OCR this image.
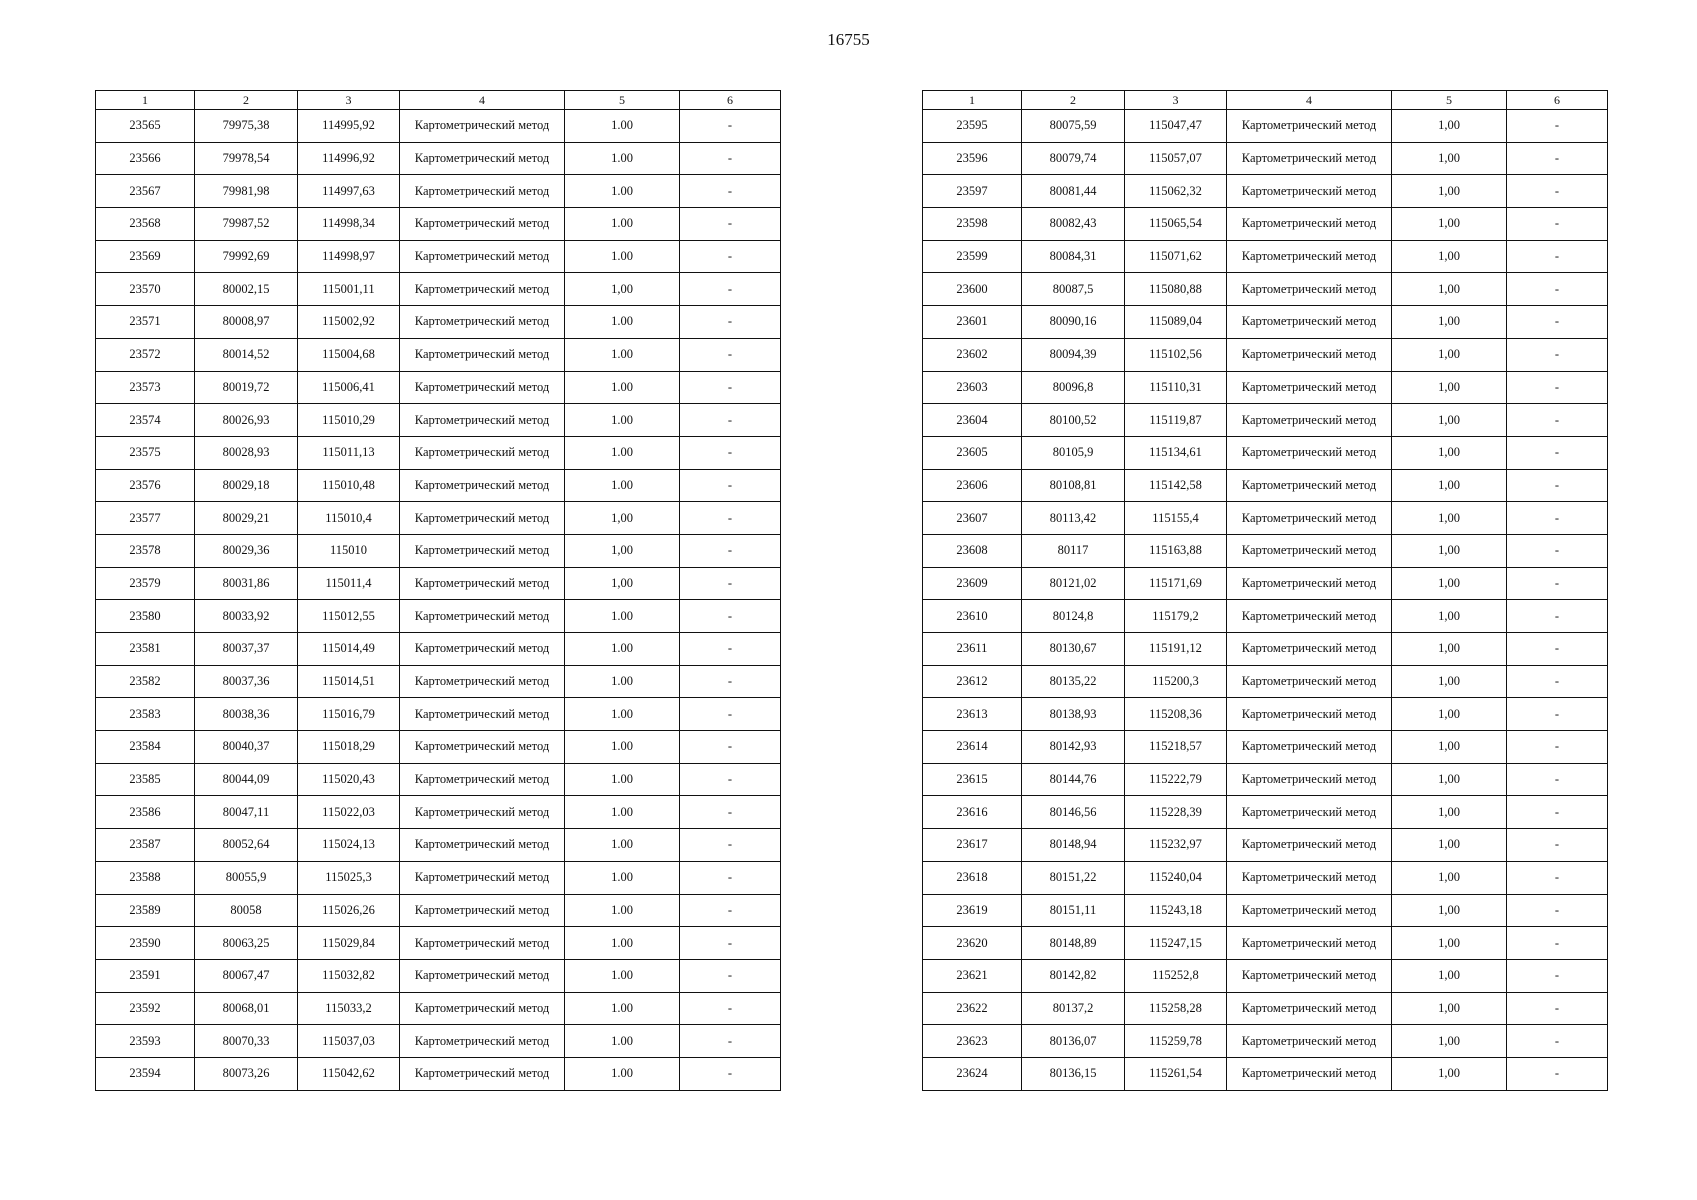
16755
1	2	3	4	5	6
23565	79975,38	114995,92	Картометрический метод	1.00	-
23566	79978,54	114996,92	Картометрический метод	1.00	-
23567	79981,98	114997,63	Картометрический метод	1.00	-
23568	79987,52	114998,34	Картометрический метод	1.00	-
23569	79992,69	114998,97	Картометрический метод	1.00	-
23570	80002,15	115001,11	Картометрический метод	1,00	-
23571	80008,97	115002,92	Картометрический метод	1.00	-
23572	80014,52	115004,68	Картометрический метод	1.00	-
23573	80019,72	115006,41	Картометрический метод	1.00	-
23574	80026,93	115010,29	Картометрический метод	1.00	-
23575	80028,93	115011,13	Картометрический метод	1.00	-
23576	80029,18	115010,48	Картометрический метод	1.00	-
23577	80029,21	115010,4	Картометрический метод	1,00	-
23578	80029,36	115010	Картометрический метод	1,00	-
23579	80031,86	115011,4	Картометрический метод	1,00	-
23580	80033,92	115012,55	Картометрический метод	1.00	-
23581	80037,37	115014,49	Картометрический метод	1.00	-
23582	80037,36	115014,51	Картометрический метод	1.00	-
23583	80038,36	115016,79	Картометрический метод	1.00	-
23584	80040,37	115018,29	Картометрический метод	1.00	-
23585	80044,09	115020,43	Картометрический метод	1.00	-
23586	80047,11	115022,03	Картометрический метод	1.00	-
23587	80052,64	115024,13	Картометрический метод	1.00	-
23588	80055,9	115025,3	Картометрический метод	1.00	-
23589	80058	115026,26	Картометрический метод	1.00	-
23590	80063,25	115029,84	Картометрический метод	1.00	-
23591	80067,47	115032,82	Картометрический метод	1.00	-
23592	80068,01	115033,2	Картометрический метод	1.00	-
23593	80070,33	115037,03	Картометрический метод	1.00	-
23594	80073,26	115042,62	Картометрический метод	1.00	-
1	2	3	4	5	6
23595	80075,59	115047,47	Картометрический метод	1,00	-
23596	80079,74	115057,07	Картометрический метод	1,00	-
23597	80081,44	115062,32	Картометрический метод	1,00	-
23598	80082,43	115065,54	Картометрический метод	1,00	-
23599	80084,31	115071,62	Картометрический метод	1,00	-
23600	80087,5	115080,88	Картометрический метод	1,00	-
23601	80090,16	115089,04	Картометрический метод	1,00	-
23602	80094,39	115102,56	Картометрический метод	1,00	-
23603	80096,8	115110,31	Картометрический метод	1,00	-
23604	80100,52	115119,87	Картометрический метод	1,00	-
23605	80105,9	115134,61	Картометрический метод	1,00	-
23606	80108,81	115142,58	Картометрический метод	1,00	-
23607	80113,42	115155,4	Картометрический метод	1,00	-
23608	80117	115163,88	Картометрический метод	1,00	-
23609	80121,02	115171,69	Картометрический метод	1,00	-
23610	80124,8	115179,2	Картометрический метод	1,00	-
23611	80130,67	115191,12	Картометрический метод	1,00	-
23612	80135,22	115200,3	Картометрический метод	1,00	-
23613	80138,93	115208,36	Картометрический метод	1,00	-
23614	80142,93	115218,57	Картометрический метод	1,00	-
23615	80144,76	115222,79	Картометрический метод	1,00	-
23616	80146,56	115228,39	Картометрический метод	1,00	-
23617	80148,94	115232,97	Картометрический метод	1,00	-
23618	80151,22	115240,04	Картометрический метод	1,00	-
23619	80151,11	115243,18	Картометрический метод	1,00	-
23620	80148,89	115247,15	Картометрический метод	1,00	-
23621	80142,82	115252,8	Картометрический метод	1,00	-
23622	80137,2	115258,28	Картометрический метод	1,00	-
23623	80136,07	115259,78	Картометрический метод	1,00	-
23624	80136,15	115261,54	Картометрический метод	1,00	-
